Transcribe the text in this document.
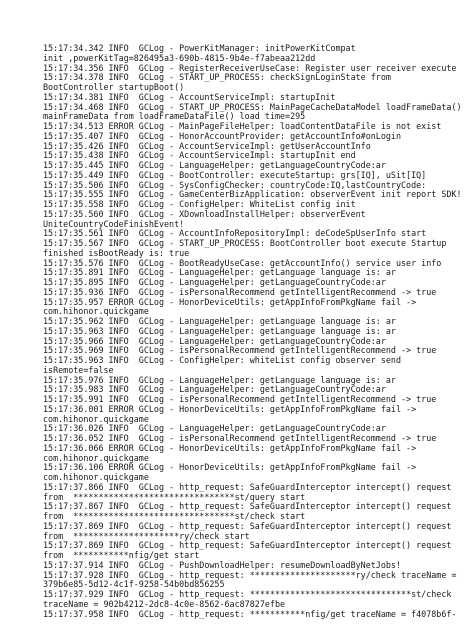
15:17:34.342 INFO  GCLog - PowerKitManager: initPowerKitCompat
init ,powerKitTag=826495a3-690b-4815-9b4e-f7abeaa212dd
15:17:34.356 INFO  GCLog - RegisterReceiverUseCase: Register user receiver execute
15:17:34.378 INFO  GCLog - START_UP_PROCESS: checkSignLoginState from
BootController startupBoot()
15:17:34.381 INFO  GCLog - AccountServiceImpl: startupInit
15:17:34.468 INFO  GCLog - START_UP_PROCESS: MainPageCacheDataModel loadFrameData()
mainFrameData from loadFrameDataFile() load time=295
15:17:34.513 ERROR GCLog - MainPageFileHelper: loadContentDataFile is not exist
15:17:35.407 INFO  GCLog - HonorAccountProvider: getAccountInfo#onLogin
15:17:35.426 INFO  GCLog - AccountServiceImpl: getUserAccountInfo
15:17:35.438 INFO  GCLog - AccountServiceImpl: startupInit end
15:17:35.445 INFO  GCLog - LanguageHelper: getLanguageCountryCode:ar
15:17:35.449 INFO  GCLog - BootController: executeStartup: grs[IQ], uSit[IQ]
15:17:35.506 INFO  GCLog - SysConfigChecker: countryCode:IQ,lastCountryCode:
15:17:35.555 INFO  GCLog - GameCenterBizApplication: observerEvent init report SDK!
15:17:35.558 INFO  GCLog - ConfigHelper: WhiteList config init
15:17:35.560 INFO  GCLog - XDownloadInstallHelper: observerEvent
UniteCountryCodeFinishEvent!
15:17:35.561 INFO  GCLog - AccountInfoRepositoryImpl: deCodeSpUserInfo start
15:17:35.567 INFO  GCLog - START_UP_PROCESS: BootController boot execute Startup
finished isBootReady is: true
15:17:35.576 INFO  GCLog - BootReadyUseCase: getAccountInfo() service user info
15:17:35.891 INFO  GCLog - LanguageHelper: getLanguage language is: ar
15:17:35.895 INFO  GCLog - LanguageHelper: getLanguageCountryCode:ar
15:17:35.936 INFO  GCLog - isPersonalRecommend getIntelligentRecommend -> true
15:17:35.957 ERROR GCLog - HonorDeviceUtils: getAppInfoFromPkgName fail ->
com.hihonor.quickgame
15:17:35.962 INFO  GCLog - LanguageHelper: getLanguage language is: ar
15:17:35.963 INFO  GCLog - LanguageHelper: getLanguage language is: ar
15:17:35.966 INFO  GCLog - LanguageHelper: getLanguageCountryCode:ar
15:17:35.969 INFO  GCLog - isPersonalRecommend getIntelligentRecommend -> true
15:17:35.963 INFO  GCLog - ConfigHelper: whiteList config observer send
isRemote=false
15:17:35.976 INFO  GCLog - LanguageHelper: getLanguage language is: ar
15:17:35.983 INFO  GCLog - LanguageHelper: getLanguageCountryCode:ar
15:17:35.991 INFO  GCLog - isPersonalRecommend getIntelligentRecommend -> true
15:17:36.001 ERROR GCLog - HonorDeviceUtils: getAppInfoFromPkgName fail ->
com.hihonor.quickgame
15:17:36.026 INFO  GCLog - LanguageHelper: getLanguageCountryCode:ar
15:17:36.052 INFO  GCLog - isPersonalRecommend getIntelligentRecommend -> true
15:17:36.066 ERROR GCLog - HonorDeviceUtils: getAppInfoFromPkgName fail ->
com.hihonor.quickgame
15:17:36.106 ERROR GCLog - HonorDeviceUtils: getAppInfoFromPkgName fail ->
com.hihonor.quickgame
15:17:37.866 INFO  GCLog - http_request: SafeGuardInterceptor intercept() request
from  ********************************st/query start
15:17:37.867 INFO  GCLog - http_request: SafeGuardInterceptor intercept() request
from  ********************************st/check start
15:17:37.869 INFO  GCLog - http_request: SafeGuardInterceptor intercept() request
from  *********************ry/check start
15:17:37.869 INFO  GCLog - http_request: SafeGuardInterceptor intercept() request
from  ***********nfig/get start
15:17:37.914 INFO  GCLog - PushDownloadHelper: resumeDownloadByNetJobs!
15:17:37.928 INFO  GCLog - http_request: *********************ry/check traceName =
379b6e85-5d12-4c1f-9258-54b0bd856255
15:17:37.929 INFO  GCLog - http_request: ********************************st/check
traceName = 902b4212-2dc8-4c0e-8562-6ac87827efbe
15:17:37.958 INFO  GCLog - http_request: ***********nfig/get traceName = f4078b6f-
